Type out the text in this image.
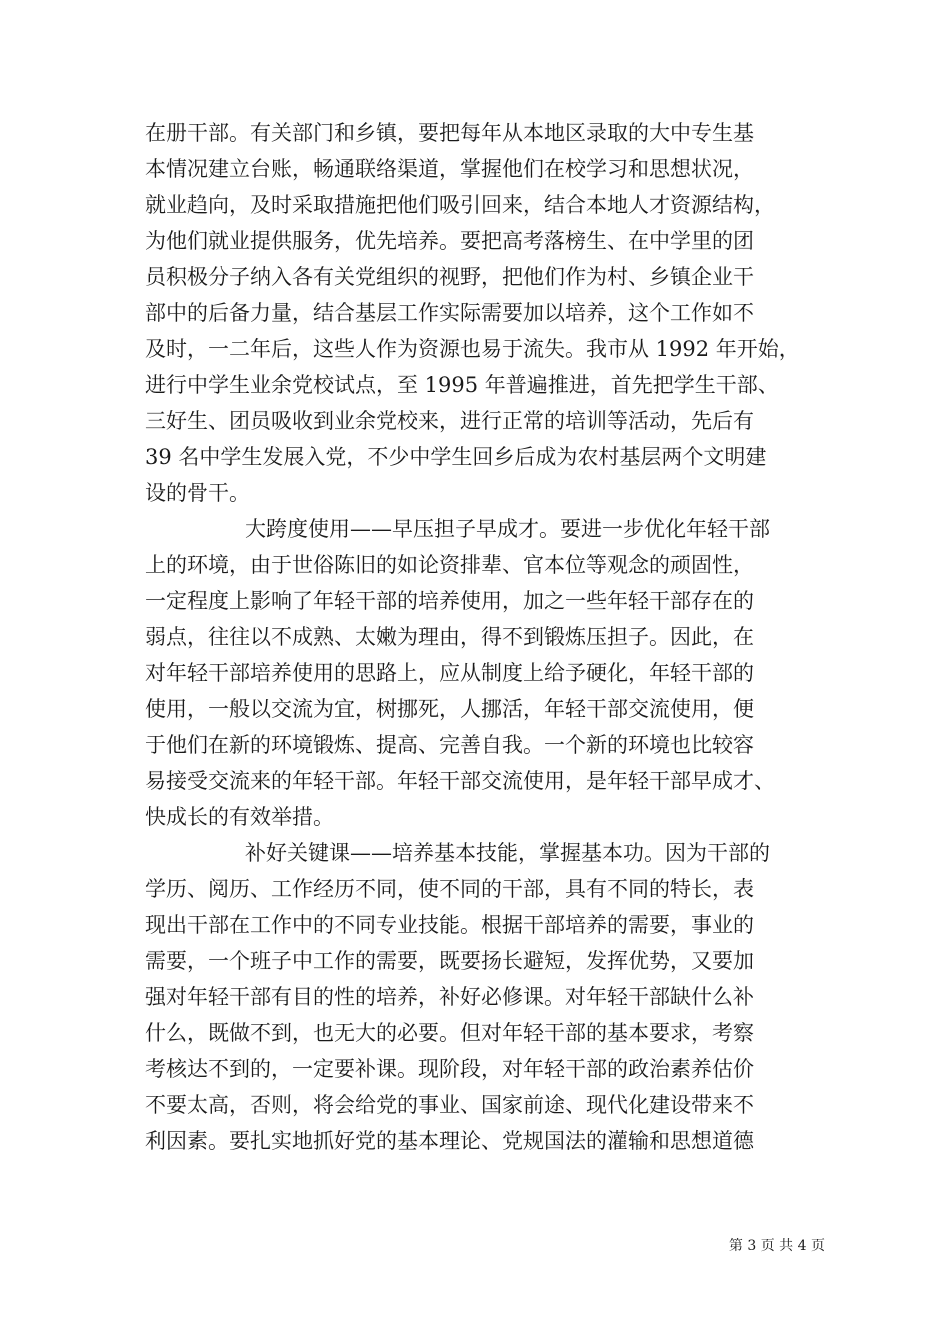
在册干部。有关部门和乡镇，要把每年从本地区录取的大中专生基
本情况建立台账，畅通联络渠道，掌握他们在校学习和思想状况，
就业趋向，及时采取措施把他们吸引回来，结合本地人才资源结构，
为他们就业提供服务，优先培养。要把高考落榜生、在中学里的团
员积极分子纳入各有关党组织的视野，把他们作为村、乡镇企业干
部中的后备力量，结合基层工作实际需要加以培养，这个工作如不
及时，一二年后，这些人作为资源也易于流失。我市从 1992 年开始，
进行中学生业余党校试点，至 1995 年普遍推进，首先把学生干部、
三好生、团员吸收到业余党校来，进行正常的培训等活动，先后有
39 名中学生发展入党，不少中学生回乡后成为农村基层两个文明建
设的骨干。
大跨度使用——早压担子早成才。要进一步优化年轻干部
上的环境，由于世俗陈旧的如论资排辈、官本位等观念的顽固性，
一定程度上影响了年轻干部的培养使用，加之一些年轻干部存在的
弱点，往往以不成熟、太嫩为理由，得不到锻炼压担子。因此，在
对年轻干部培养使用的思路上，应从制度上给予硬化，年轻干部的
使用，一般以交流为宜，树挪死，人挪活，年轻干部交流使用，便
于他们在新的环境锻炼、提高、完善自我。一个新的环境也比较容
易接受交流来的年轻干部。年轻干部交流使用，是年轻干部早成才、
快成长的有效举措。
补好关键课——培养基本技能，掌握基本功。因为干部的
学历、阅历、工作经历不同，使不同的干部，具有不同的特长，表
现出干部在工作中的不同专业技能。根据干部培养的需要，事业的
需要，一个班子中工作的需要，既要扬长避短，发挥优势，又要加
强对年轻干部有目的性的培养，补好必修课。对年轻干部缺什么补
什么，既做不到，也无大的必要。但对年轻干部的基本要求，考察
考核达不到的，一定要补课。现阶段，对年轻干部的政治素养估价
不要太高，否则，将会给党的事业、国家前途、现代化建设带来不
利因素。要扎实地抓好党的基本理论、党规国法的灌输和思想道德
第 3 页 共 4 页
